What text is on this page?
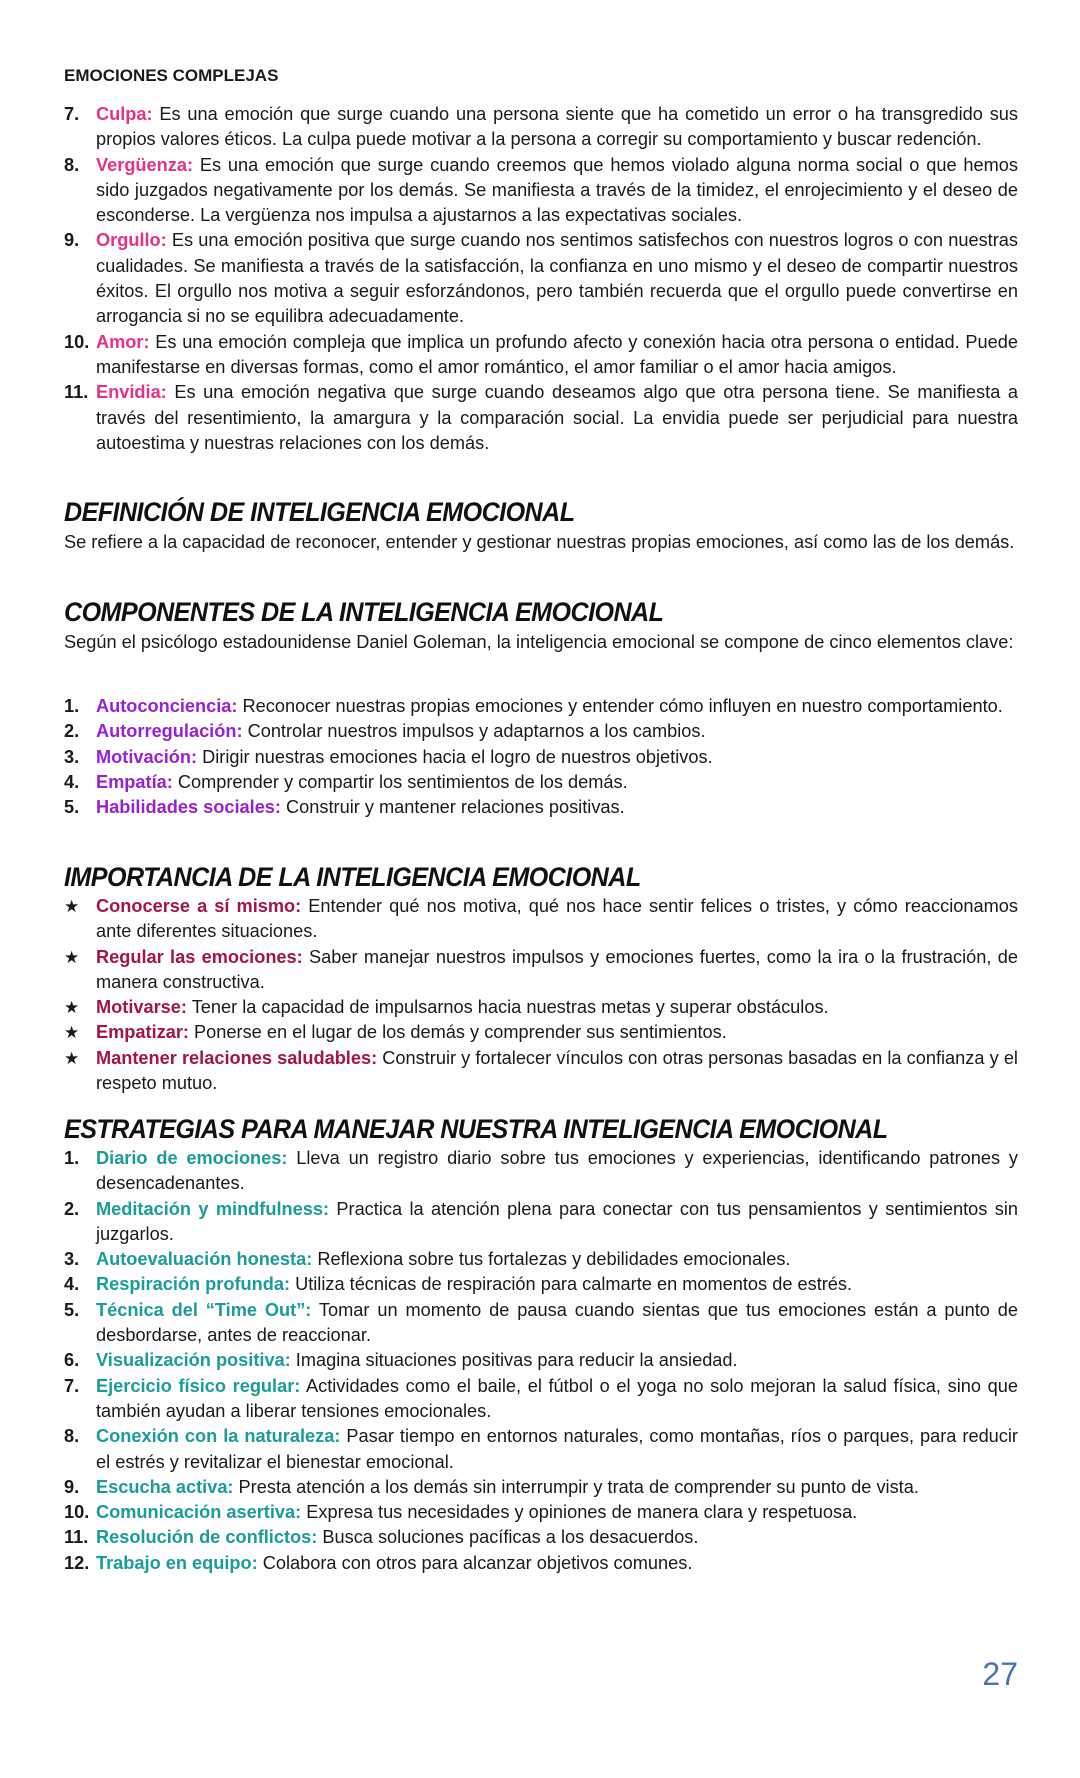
EMOCIONES COMPLEJAS
7. Culpa: Es una emoción que surge cuando una persona siente que ha cometido un error o ha transgredido sus propios valores éticos. La culpa puede motivar a la persona a corregir su comportamiento y buscar redención.
8. Vergüenza: Es una emoción que surge cuando creemos que hemos violado alguna norma social o que hemos sido juzgados negativamente por los demás. Se manifiesta a través de la timidez, el enrojecimiento y el deseo de esconderse. La vergüenza nos impulsa a ajustarnos a las expectativas sociales.
9. Orgullo: Es una emoción positiva que surge cuando nos sentimos satisfechos con nuestros logros o con nuestras cualidades. Se manifiesta a través de la satisfacción, la confianza en uno mismo y el deseo de compartir nuestros éxitos. El orgullo nos motiva a seguir esforzándonos, pero también recuerda que el orgullo puede convertirse en arrogancia si no se equilibra adecuadamente.
10. Amor: Es una emoción compleja que implica un profundo afecto y conexión hacia otra persona o entidad. Puede manifestarse en diversas formas, como el amor romántico, el amor familiar o el amor hacia amigos.
11. Envidia: Es una emoción negativa que surge cuando deseamos algo que otra persona tiene. Se manifiesta a través del resentimiento, la amargura y la comparación social. La envidia puede ser perjudicial para nuestra autoestima y nuestras relaciones con los demás.
DEFINICIÓN DE INTELIGENCIA EMOCIONAL
Se refiere a la capacidad de reconocer, entender y gestionar nuestras propias emociones, así como las de los demás.
COMPONENTES DE LA INTELIGENCIA EMOCIONAL
Según el psicólogo estadounidense Daniel Goleman, la inteligencia emocional se compone de cinco elementos clave:
1. Autoconciencia: Reconocer nuestras propias emociones y entender cómo influyen en nuestro comportamiento.
2. Autorregulación: Controlar nuestros impulsos y adaptarnos a los cambios.
3. Motivación: Dirigir nuestras emociones hacia el logro de nuestros objetivos.
4. Empatía: Comprender y compartir los sentimientos de los demás.
5. Habilidades sociales: Construir y mantener relaciones positivas.
IMPORTANCIA DE LA INTELIGENCIA EMOCIONAL
★ Conocerse a sí mismo: Entender qué nos motiva, qué nos hace sentir felices o tristes, y cómo reaccionamos ante diferentes situaciones.
★ Regular las emociones: Saber manejar nuestros impulsos y emociones fuertes, como la ira o la frustración, de manera constructiva.
★ Motivarse: Tener la capacidad de impulsarnos hacia nuestras metas y superar obstáculos.
★ Empatizar: Ponerse en el lugar de los demás y comprender sus sentimientos.
★ Mantener relaciones saludables: Construir y fortalecer vínculos con otras personas basadas en la confianza y el respeto mutuo.
ESTRATEGIAS PARA MANEJAR NUESTRA INTELIGENCIA EMOCIONAL
1. Diario de emociones: Lleva un registro diario sobre tus emociones y experiencias, identificando patrones y desencadenantes.
2. Meditación y mindfulness: Practica la atención plena para conectar con tus pensamientos y sentimientos sin juzgarlos.
3. Autoevaluación honesta: Reflexiona sobre tus fortalezas y debilidades emocionales.
4. Respiración profunda: Utiliza técnicas de respiración para calmarte en momentos de estrés.
5. Técnica del “Time Out”: Tomar un momento de pausa cuando sientas que tus emociones están a punto de desbordarse, antes de reaccionar.
6. Visualización positiva: Imagina situaciones positivas para reducir la ansiedad.
7. Ejercicio físico regular: Actividades como el baile, el fútbol o el yoga no solo mejoran la salud física, sino que también ayudan a liberar tensiones emocionales.
8. Conexión con la naturaleza: Pasar tiempo en entornos naturales, como montañas, ríos o parques, para reducir el estrés y revitalizar el bienestar emocional.
9. Escucha activa: Presta atención a los demás sin interrumpir y trata de comprender su punto de vista.
10. Comunicación asertiva: Expresa tus necesidades y opiniones de manera clara y respetuosa.
11. Resolución de conflictos: Busca soluciones pacíficas a los desacuerdos.
12. Trabajo en equipo: Colabora con otros para alcanzar objetivos comunes.
27
